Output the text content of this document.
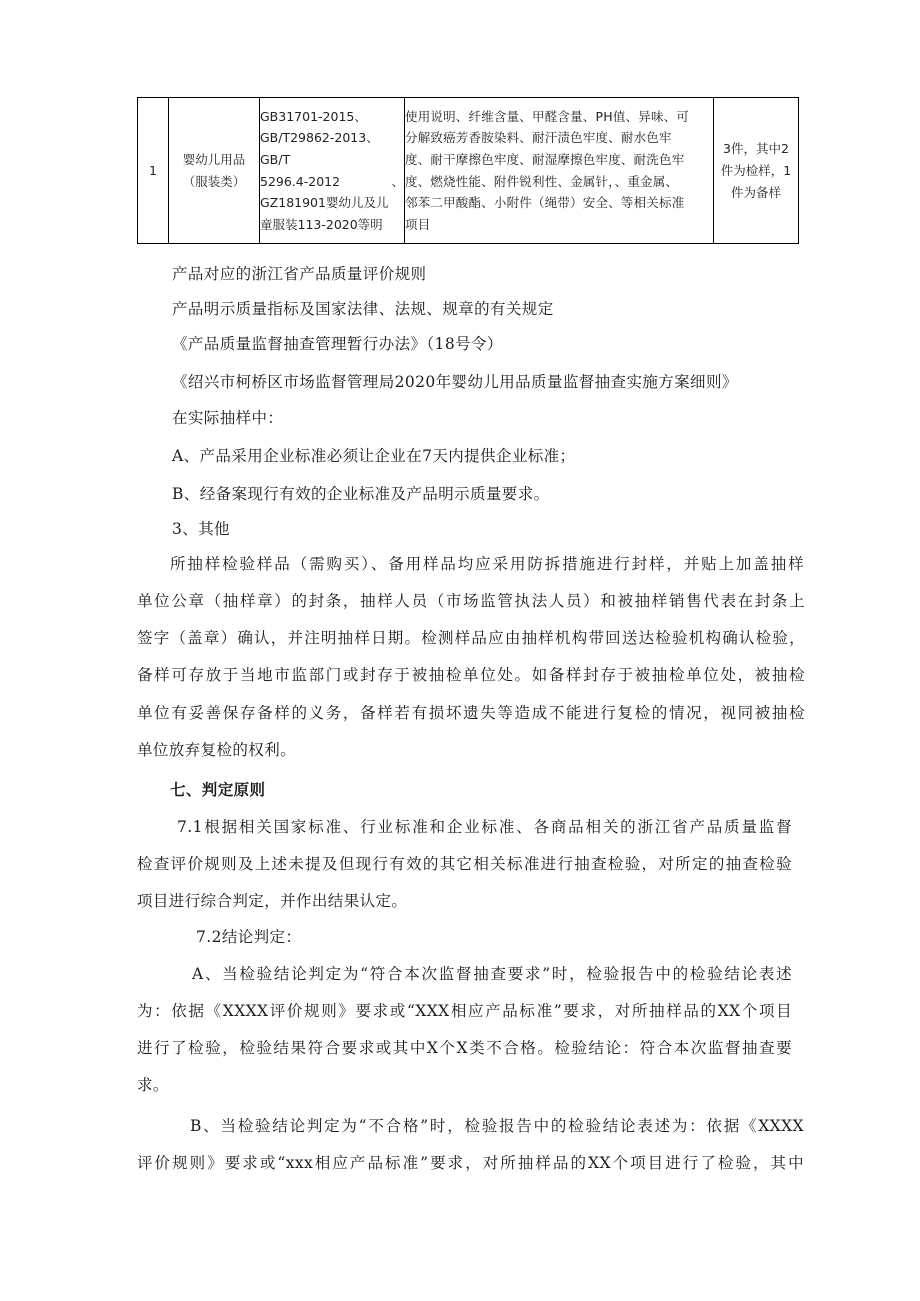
1	
婴幼儿用品
（服装类）

GB31701-2015、
GB/T29862-2013、
GB/T
5296.4-2012	、
GZ181901婴幼儿及儿
童服装113-2020等明

使用说明、纤维含量、甲醛含量、PH值、异味、可
分解致癌芳香胺染料、耐汗渍色牢度、耐水色牢
度、耐干摩擦色牢度、耐湿摩擦色牢度、耐洗色牢
度、燃烧性能、附件锐利性、金属针，、重金属、
邻苯二甲酸酯、小附件（绳带）安全、等相关标准
项目

3件，其中2
件为检样，1
件为备样
产品对应的浙江省产品质量评价规则
产品明示质量指标及国家法律、法规、规章的有关规定
《产品质量监督抽查管理暂行办法》（18号令）
《绍兴市柯桥区市场监督管理局2020年婴幼儿用品质量监督抽查实施方案细则》
在实际抽样中：
A、产品采用企业标准必须让企业在7天内提供企业标准；
B、经备案现行有效的企业标准及产品明示质量要求。
3、其他
所抽样检验样品（需购买）、备用样品均应采用防拆措施进行封样，并贴上加盖抽样
单位公章（抽样章）的封条，抽样人员（市场监管执法人员）和被抽样销售代表在封条上
签字（盖章）确认，并注明抽样日期。检测样品应由抽样机构带回送达检验机构确认检验，
备样可存放于当地市监部门或封存于被抽检单位处。如备样封存于被抽检单位处，被抽检
单位有妥善保存备样的义务，备样若有损坏遗失等造成不能进行复检的情况，视同被抽检
单位放弃复检的权利。
七、判定原则
7.1根据相关国家标准、行业标准和企业标准、各商品相关的浙江省产品质量监督
检查评价规则及上述未提及但现行有效的其它相关标准进行抽查检验，对所定的抽查检验
项目进行综合判定，并作出结果认定。
7.2结论判定：
A、当检验结论判定为“符合本次监督抽查要求”时，检验报告中的检验结论表述
为：依据《XXXX评价规则》要求或“XXX相应产品标准”要求，对所抽样品的XX个项目
进行了检验，检验结果符合要求或其中X个X类不合格。检验结论：符合本次监督抽查要
求。
B、当检验结论判定为“不合格”时，检验报告中的检验结论表述为：依据《XXXX
评价规则》要求或“xxx相应产品标准”要求，对所抽样品的XX个项目进行了检验，其中
